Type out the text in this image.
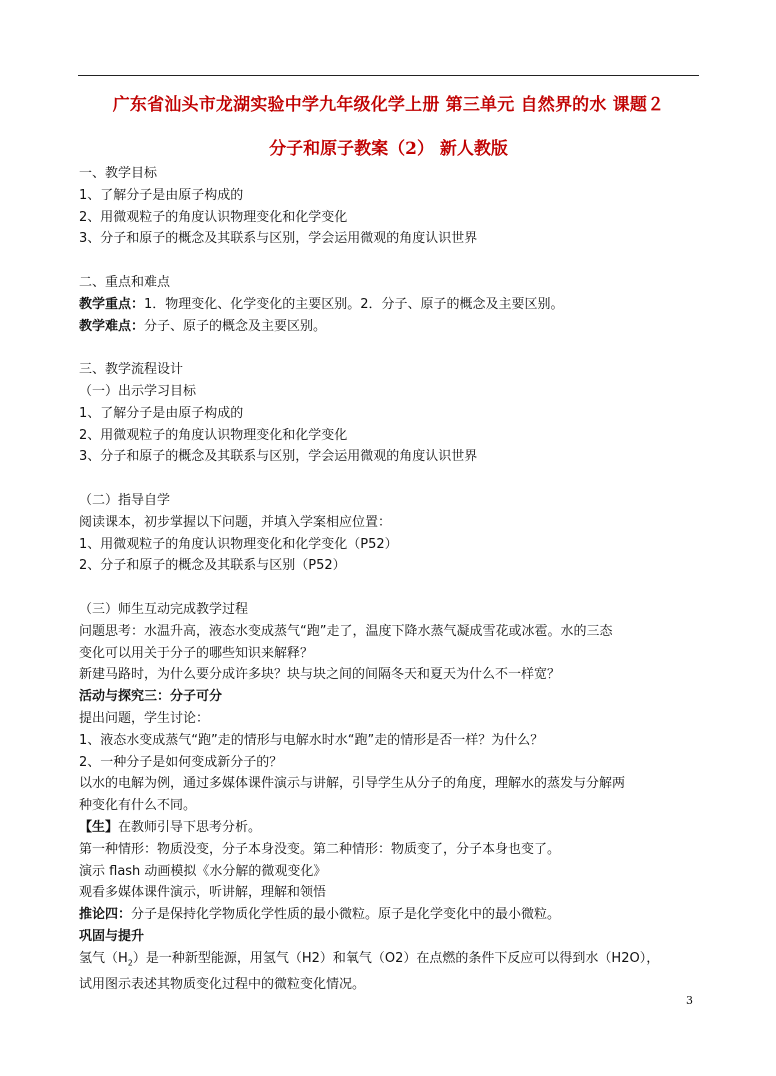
广东省汕头市龙湖实验中学九年级化学上册 第三单元 自然界的水 课题２
分子和原子教案（2） 新人教版
一、教学目标
1、了解分子是由原子构成的
2、用微观粒子的角度认识物理变化和化学变化
3、分子和原子的概念及其联系与区别，学会运用微观的角度认识世界
二、重点和难点
教学重点：1．物理变化、化学变化的主要区别。2．分子、原子的概念及主要区别。
教学难点：分子、原子的概念及主要区别。
三、教学流程设计
（一）出示学习目标
1、了解分子是由原子构成的
2、用微观粒子的角度认识物理变化和化学变化
3、分子和原子的概念及其联系与区别，学会运用微观的角度认识世界
（二）指导自学
阅读课本，初步掌握以下问题，并填入学案相应位置：
1、用微观粒子的角度认识物理变化和化学变化（P52）
2、分子和原子的概念及其联系与区别（P52）
（三）师生互动完成教学过程
问题思考：水温升高，液态水变成蒸气“跑”走了，温度下降水蒸气凝成雪花或冰雹。水的三态
变化可以用关于分子的哪些知识来解释？
新建马路时，为什么要分成许多块？块与块之间的间隔冬天和夏天为什么不一样宽？
活动与探究三：分子可分
提出问题，学生讨论：
1、液态水变成蒸气“跑”走的情形与电解水时水“跑”走的情形是否一样？为什么？
2、一种分子是如何变成新分子的？
以水的电解为例，通过多媒体课件演示与讲解，引导学生从分子的角度，理解水的蒸发与分解两
种变化有什么不同。
【生】在教师引导下思考分析。
第一种情形：物质没变，分子本身没变。第二种情形：物质变了，分子本身也变了。
演示 flash 动画模拟《水分解的微观变化》
观看多媒体课件演示，听讲解，理解和领悟
推论四：分子是保持化学物质化学性质的最小微粒。原子是化学变化中的最小微粒。
巩固与提升
氢气$(H_2)$是一种新型能源，用氢气（H2）和氧气（O2）在点燃的条件下反应可以得到水（H2O），
试用图示表述其物质变化过程中的微粒变化情况。
3
